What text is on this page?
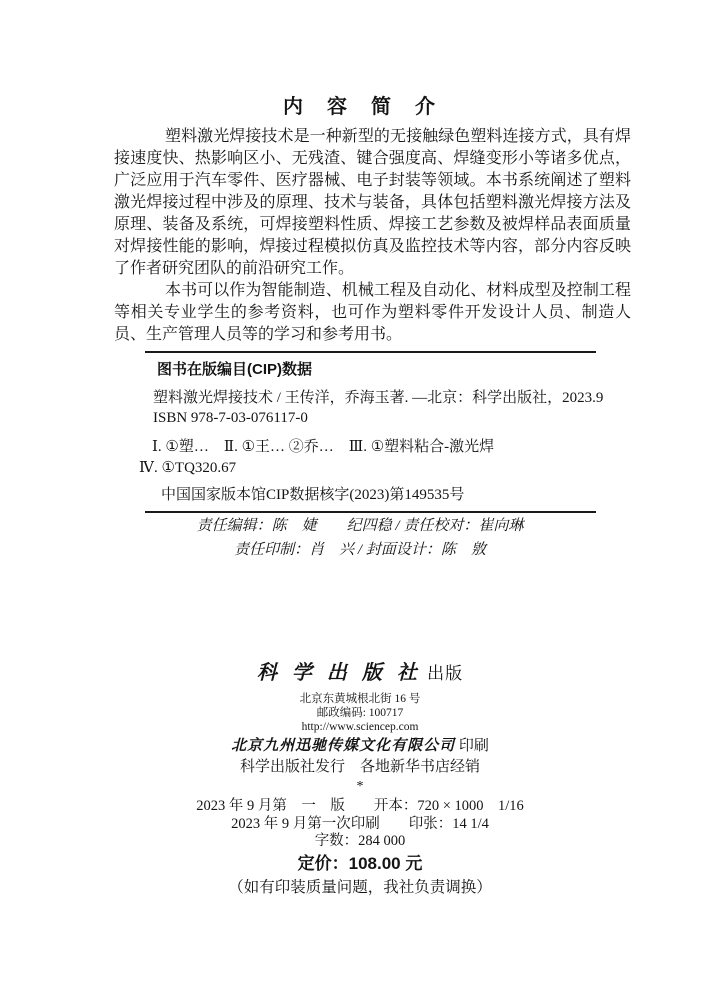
内　容　简　介

塑料激光焊接技术是一种新型的无接触绿色塑料连接方式，具有焊接速度快、热影响区小、无残渣、键合强度高、焊缝变形小等诸多优点，广泛应用于汽车零件、医疗器械、电子封装等领域。本书系统阐述了塑料激光焊接过程中涉及的原理、技术与装备，具体包括塑料激光焊接方法及原理、装备及系统，可焊接塑料性质、焊接工艺参数及被焊样品表面质量对焊接性能的影响，焊接过程模拟仿真及监控技术等内容，部分内容反映了作者研究团队的前沿研究工作。

本书可以作为智能制造、机械工程及自动化、材料成型及控制工程等相关专业学生的参考资料，也可作为塑料零件开发设计人员、制造人员、生产管理人员等的学习和参考用书。

图书在版编目(CIP)数据
塑料激光焊接技术 / 王传洋，乔海玉著. —北京：科学出版社，2023.9
ISBN 978-7-03-076117-0
Ⅰ. ①塑…　Ⅱ. ①王… ②乔…　Ⅲ. ①塑料粘合-激光焊
Ⅳ. ①TQ320.67
中国国家版本馆CIP数据核字(2023)第149535号
责任编辑：陈　婕　　纪四稳 / 责任校对：崔向琳
责任印制：肖　兴 / 封面设计：陈　敫
科 学 出 版 社 出版
北京东黄城根北街 16 号
邮政编码: 100717
http://www.sciencep.com
北京九州迅驰传媒文化有限公司 印刷
科学出版社发行　各地新华书店经销
*
2023 年 9 月第　一　版　　开本：720 × 1000　1/16
2023 年 9 月第一次印刷　　印张：14 1/4
字数：284 000
定价：108.00 元
（如有印装质量问题，我社负责调换）
